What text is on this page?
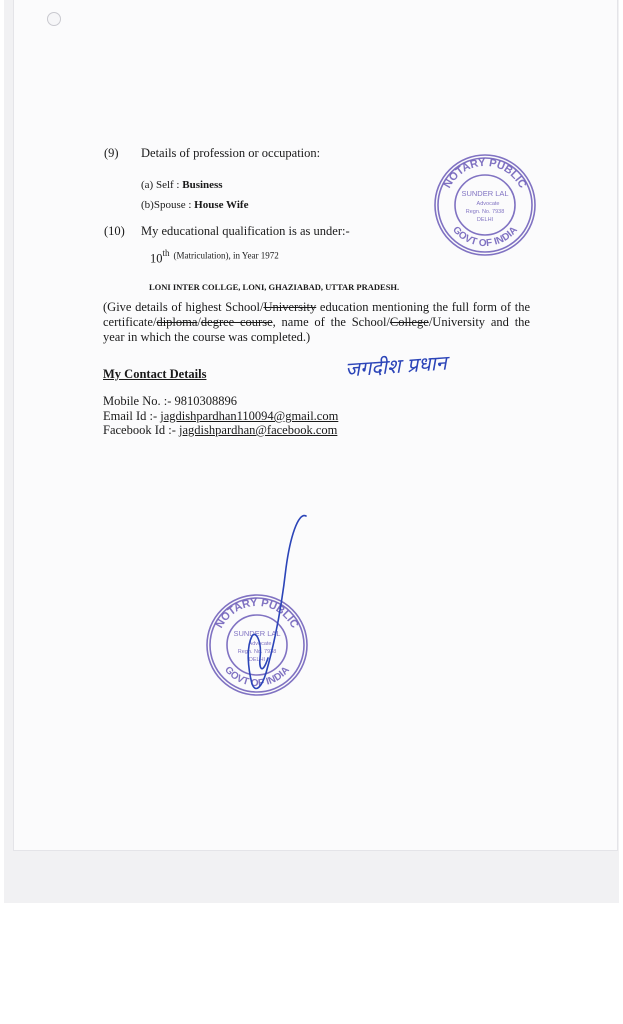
(9) Details of profession or occupation:
(a) Self : Business
(b)Spouse : House Wife
(10) My educational qualification is as under:-
10th $^{(Matriculation), in Year 1972}$
LONI INTER COLLGE, LONI, GHAZIABAD, UTTAR PRADESH.
(Give details of highest School/University education mentioning the full form of the certificate/diploma/degree course, name of the School/College/University and the year in which the course was completed.)
My Contact Details
Mobile No. :- 9810308896
Email Id :- jagdishpardhan110094@gmail.com
Facebook Id :- jagdishpardhan@facebook.com
जगदीश प्रधान
NOTARY PUBLIC
GOVT OF INDIA
SUNDER LAL
Advocate
Regn. No. 7938
DELHI
NOTARY PUBLIC
GOVT OF INDIA
SUNDER LAL
Advocate
Regn. No. 7938
DELHI
